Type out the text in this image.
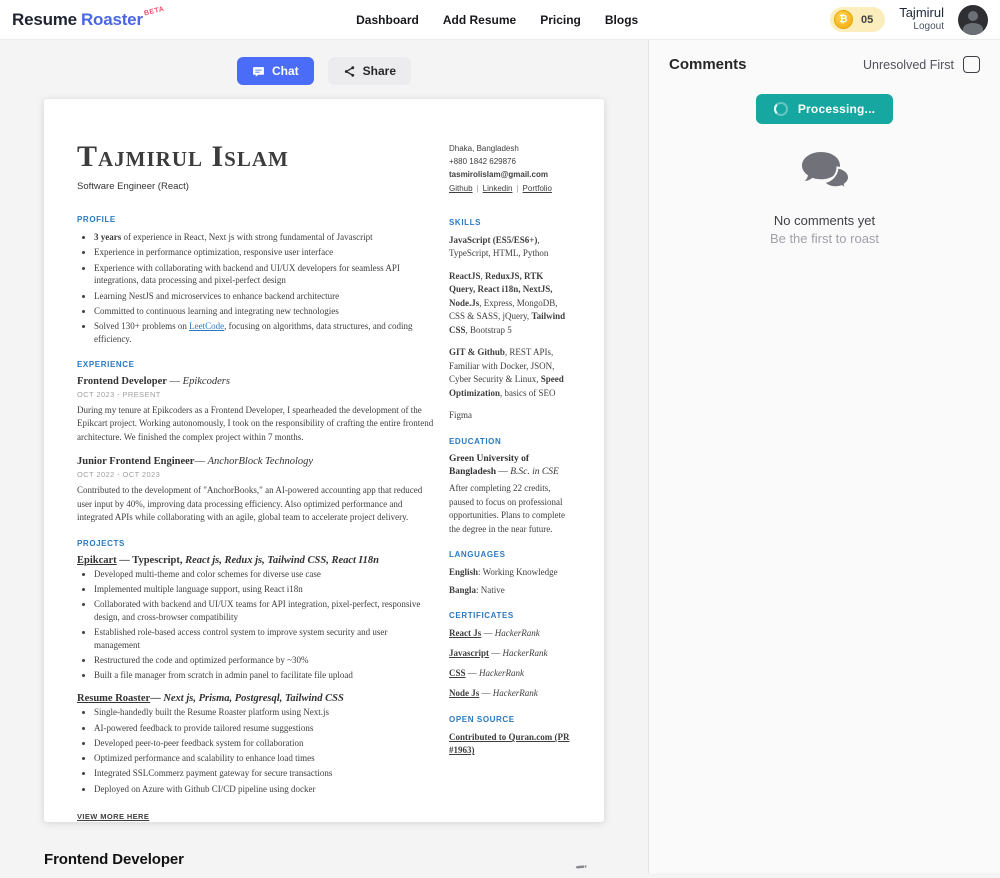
Resume Roaster BETA
Dashboard Add Resume Pricing Blogs	₿	05 Tajmirul
Logout
Chat	Share
Tajmirul Islam
Software Engineer (React)
PROFILE
• 3 years of experience in React, Next js with strong fundamental of Javascript
• Experience in performance optimization, responsive user interface
• Experience with collaborating with backend and UI/UX developers for seamless API integrations, data processing and pixel-perfect design
• Learning NestJS and microservices to enhance backend architecture
• Committed to continuous learning and integrating new technologies
• Solved 130+ problems on LeetCode, focusing on algorithms, data structures, and coding efficiency.
EXPERIENCE
Frontend Developer — Epikcoders
OCT 2023 - PRESENT
During my tenure at Epikcoders as a Frontend Developer, I spearheaded the development of the Epikcart project. Working autonomously, I took on the responsibility of crafting the entire frontend architecture. We finished the complex project within 7 months.
Junior Frontend Engineer— AnchorBlock Technology
OCT 2022 - OCT 2023
Contributed to the development of "AnchorBooks," an AI-powered accounting app that reduced user input by 40%, improving data processing efficiency. Also optimized performance and integrated APIs while collaborating with an agile, global team to accelerate project delivery.
PROJECTS
Epikcart — Typescript, React js, Redux js, Tailwind CSS, React I18n
• Developed multi-theme and color schemes for diverse use case
• Implemented multiple language support, using React i18n
• Collaborated with backend and UI/UX teams for API integration, pixel-perfect, responsive design, and cross-browser compatibility
• Established role-based access control system to improve system security and user management
• Restructured the code and optimized performance by ~30%
• Built a file manager from scratch in admin panel to facilitate file upload
Resume Roaster— Next js, Prisma, Postgresql, Tailwind CSS
• Single-handedly built the Resume Roaster platform using Next.js
• AI-powered feedback to provide tailored resume suggestions
• Developed peer-to-peer feedback system for collaboration
• Optimized performance and scalability to enhance load times
• Integrated SSLCommerz payment gateway for secure transactions
• Deployed on Azure with Github CI/CD pipeline using docker
VIEW MORE HERE
Dhaka, Bangladesh
+880 1842 629876
tasmirolislam@gmail.com
Github | Linkedin | Portfolio
SKILLS
JavaScript (ES5/ES6+), TypeScript, HTML, Python
ReactJS, ReduxJS, RTK Query, React i18n, NextJS, Node.Js, Express, MongoDB, CSS & SASS, jQuery, Tailwind CSS, Bootstrap 5
GIT & Github, REST APIs, Familiar with Docker, JSON, Cyber Security & Linux, Speed Optimization, basics of SEO
Figma
EDUCATION
Green University of Bangladesh — B.Sc. in CSE
After completing 22 credits, paused to focus on professional opportunities. Plans to complete the degree in the near future.
LANGUAGES
English: Working Knowledge
Bangla: Native
CERTIFICATES
React Js — HackerRank
Javascript — HackerRank
CSS — HackerRank
Node Js — HackerRank
OPEN SOURCE
Contributed to Quran.com (PR #1963)
Frontend Developer
Comments	Unresolved First
Processing...
No comments yet
Be the first to roast
